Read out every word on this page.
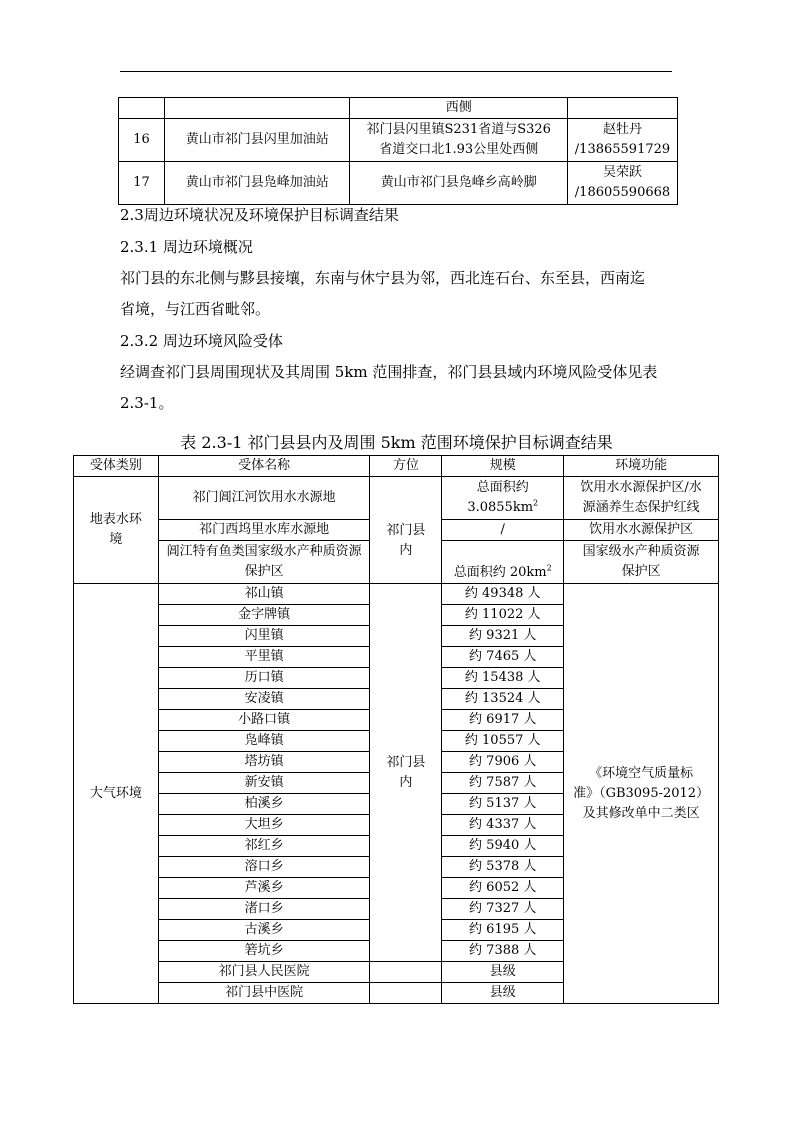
		西侧	
16	黄山市祁门县闪里加油站	祁门县闪里镇S231省道与S326
省道交口北1.93公里处西侧	赵牡丹
/13865591729
17	黄山市祁门县凫峰加油站	黄山市祁门县凫峰乡高岭脚	吴荣跃
/18605590668
2.3周边环境状况及环境保护目标调查结果
2.3.1 周边环境概况
祁门县的东北侧与黟县接壤，东南与休宁县为邻，西北连石台、东至县，西南迄
省境，与江西省毗邻。
2.3.2 周边环境风险受体
经调查祁门县周围现状及其周围 5km 范围排查，祁门县县域内环境风险受体见表
2.3-1。
表 2.3-1 祁门县县内及周围 5km 范围环境保护目标调查结果
受体类别	受体名称	方位	规模	环境功能
地表水环
境	祁门阊江河饮用水水源地	祁门县
内	总面积约
$3.0855km^2$	饮用水水源保护区/水
源涵养生态保护红线
	祁门西坞里水库水源地		/	饮用水水源保护区
	阊江特有鱼类国家级水产种质资源
保护区		总面积约 $20km^2$	国家级水产种质资源
保护区
大气环境	祁山镇	祁门县
内	约 49348 人	《环境空气质量标
准》（GB3095-2012）
及其修改单中二类区
	金字牌镇		约 11022 人	
	闪里镇		约 9321 人	
	平里镇		约 7465 人	
	历口镇		约 15438 人	
	安凌镇		约 13524 人	
	小路口镇		约 6917 人	
	凫峰镇		约 10557 人	
	塔坊镇		约 7906 人	
	新安镇		约 7587 人	
	柏溪乡		约 5137 人	
	大坦乡		约 4337 人	
	祁红乡		约 5940 人	
	溶口乡		约 5378 人	
	芦溪乡		约 6052 人	
	渚口乡		约 7327 人	
	古溪乡		约 6195 人	
	箬坑乡		约 7388 人	
	祁门县人民医院		县级	
	祁门县中医院		县级	
